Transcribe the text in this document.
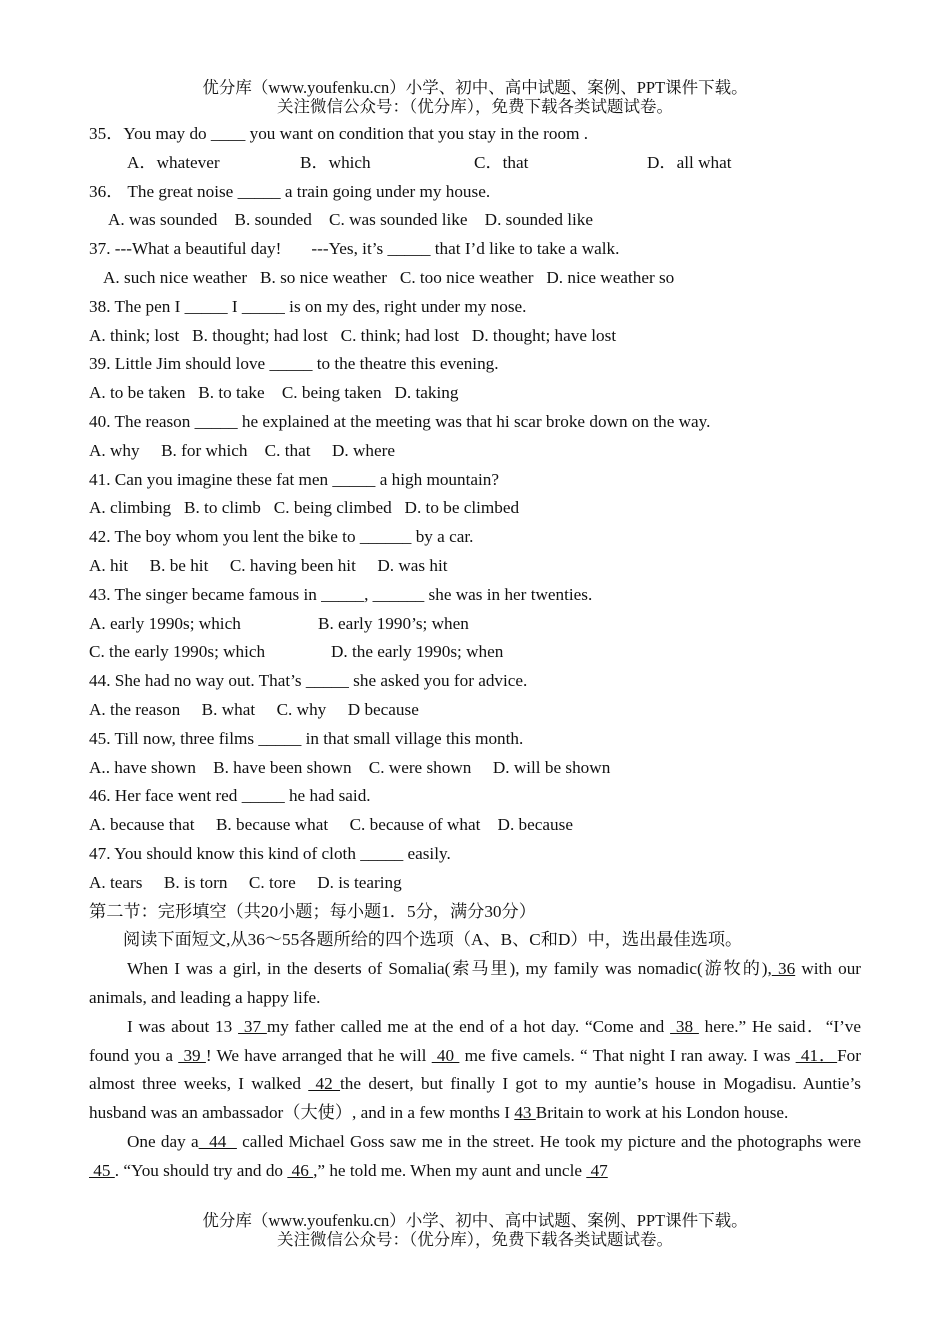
优分库（www.youfenku.cn）小学、初中、高中试题、案例、PPT课件下载。
关注微信公众号：（优分库），免费下载各类试题试卷。
35．You may do ____ you want on condition that you stay in the room .
A．whatever	B．which	C．that	D．all what
36． The great noise _____ a train going under my house.
A. was sounded    B. sounded    C. was sounded like    D. sounded like
37. ---What a beautiful day!       ---Yes, it’s _____ that I’d like to take a walk.
A. such nice weather   B. so nice weather   C. too nice weather   D. nice weather so
38. The pen I _____ I _____ is on my des, right under my nose.
A. think; lost   B. thought; had lost   C. think; had lost   D. thought; have lost
39. Little Jim should love _____ to the theatre this evening.
A. to be taken   B. to take    C. being taken   D. taking
40. The reason _____ he explained at the meeting was that hi scar broke down on the way.
A. why     B. for which    C. that     D. where
41. Can you imagine these fat men _____ a high mountain?
A. climbing   B. to climb   C. being climbed   D. to be climbed
42. The boy whom you lent the bike to ______ by a car.
A. hit     B. be hit     C. having been hit     D. was hit
43. The singer became famous in _____, ______ she was in her twenties.
A. early 1990s; which	B. early 1990’s; when
C. the early 1990s; which	D. the early 1990s; when
44. She had no way out. That’s _____ she asked you for advice.
A. the reason     B. what     C. why     D because
45. Till now, three films _____ in that small village this month.
A.. have shown    B. have been shown    C. were shown     D. will be shown
46. Her face went red _____ he had said.
A. because that     B. because what     C. because of what    D. because
47. You should know this kind of cloth _____ easily.
A. tears     B. is torn     C. tore     D. is tearing
第二节：完形填空（共20小题；每小题1．5分，满分30分）
阅读下面短文,从36～55各题所给的四个选项（A、B、C和D）中，选出最佳选项。
When I was a girl, in the deserts of Somalia(索马里), my family was nomadic(游牧的), 36 with our animals, and leading a happy life.
I was about 13  37 my father called me at the end of a hot day. “Come and  38  here.” He said．“I’ve found you a  39 ! We have arranged that he will  40  me five camels. “ That night I ran away. I was  41．For almost three weeks, I walked  42 the desert, but finally I got to my auntie’s house in Mogadisu. Auntie’s husband was an ambassador（大使）, and in a few months I 43 Britain to work at his London house.
One day a  44   called Michael Goss saw me in the street. He took my picture and the photographs were  45 . “You should try and do  46 ,” he told me. When my aunt and uncle  47
优分库（www.youfenku.cn）小学、初中、高中试题、案例、PPT课件下载。
关注微信公众号：（优分库），免费下载各类试题试卷。
